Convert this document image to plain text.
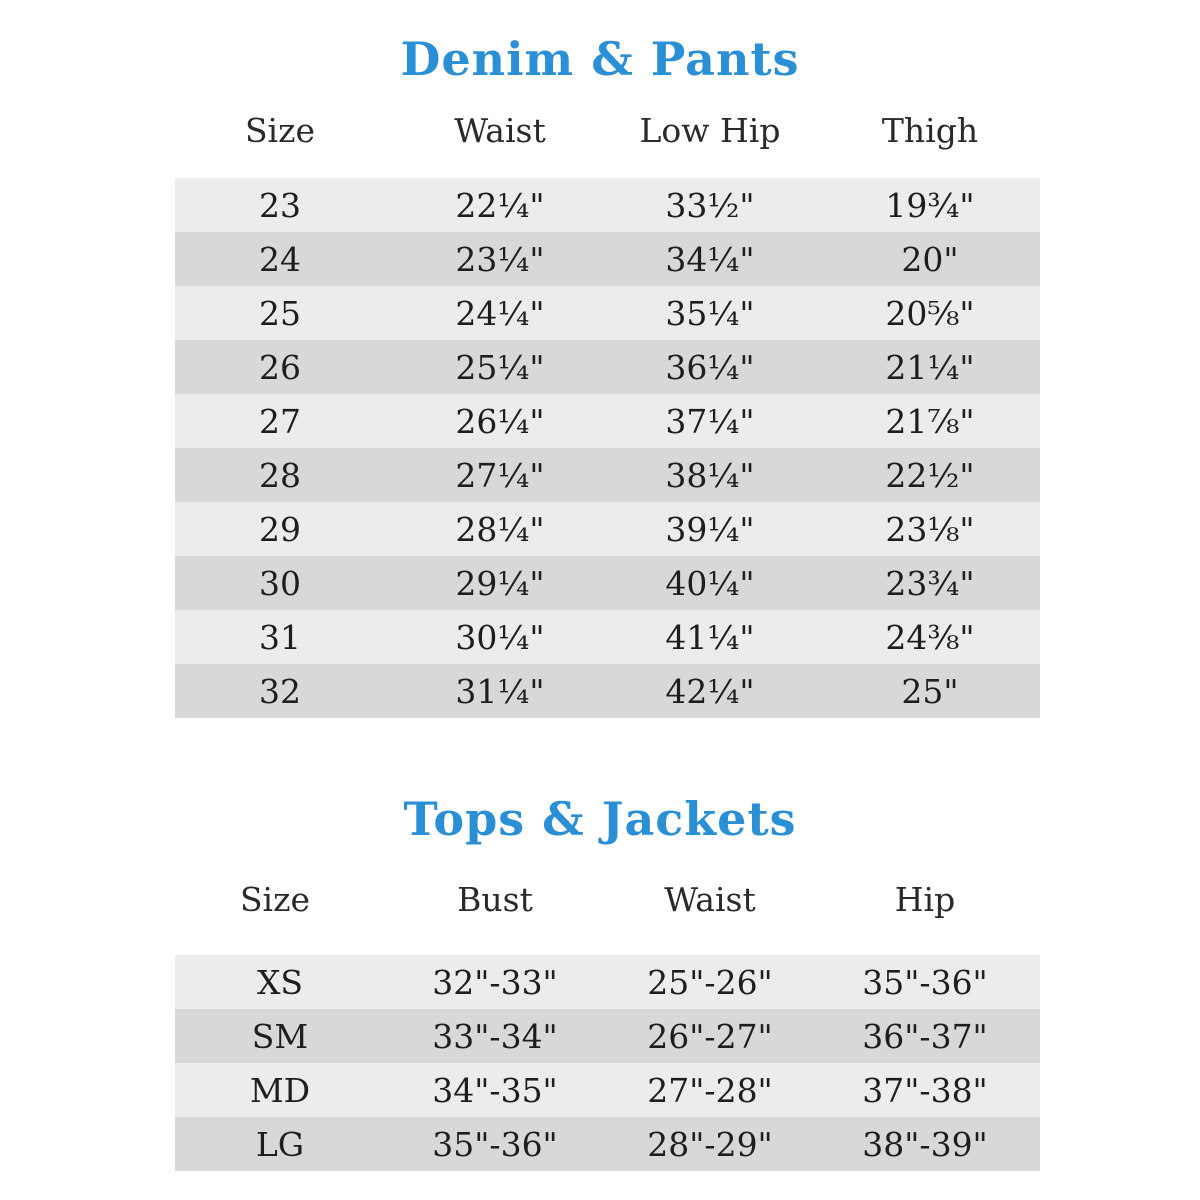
Denim & Pants
Size	Waist	Low Hip	Thigh
23	22¼"	33½"	19¾"
24	23¼"	34¼"	20"
25	24¼"	35¼"	20⅝"
26	25¼"	36¼"	21¼"
27	26¼"	37¼"	21⅞"
28	27¼"	38¼"	22½"
29	28¼"	39¼"	23⅛"
30	29¼"	40¼"	23¾"
31	30¼"	41¼"	24⅜"
32	31¼"	42¼"	25"
Tops & Jackets
Size	Bust	Waist	Hip
XS	32"-33"	25"-26"	35"-36"
SM	33"-34"	26"-27"	36"-37"
MD	34"-35"	27"-28"	37"-38"
LG	35"-36"	28"-29"	38"-39"
